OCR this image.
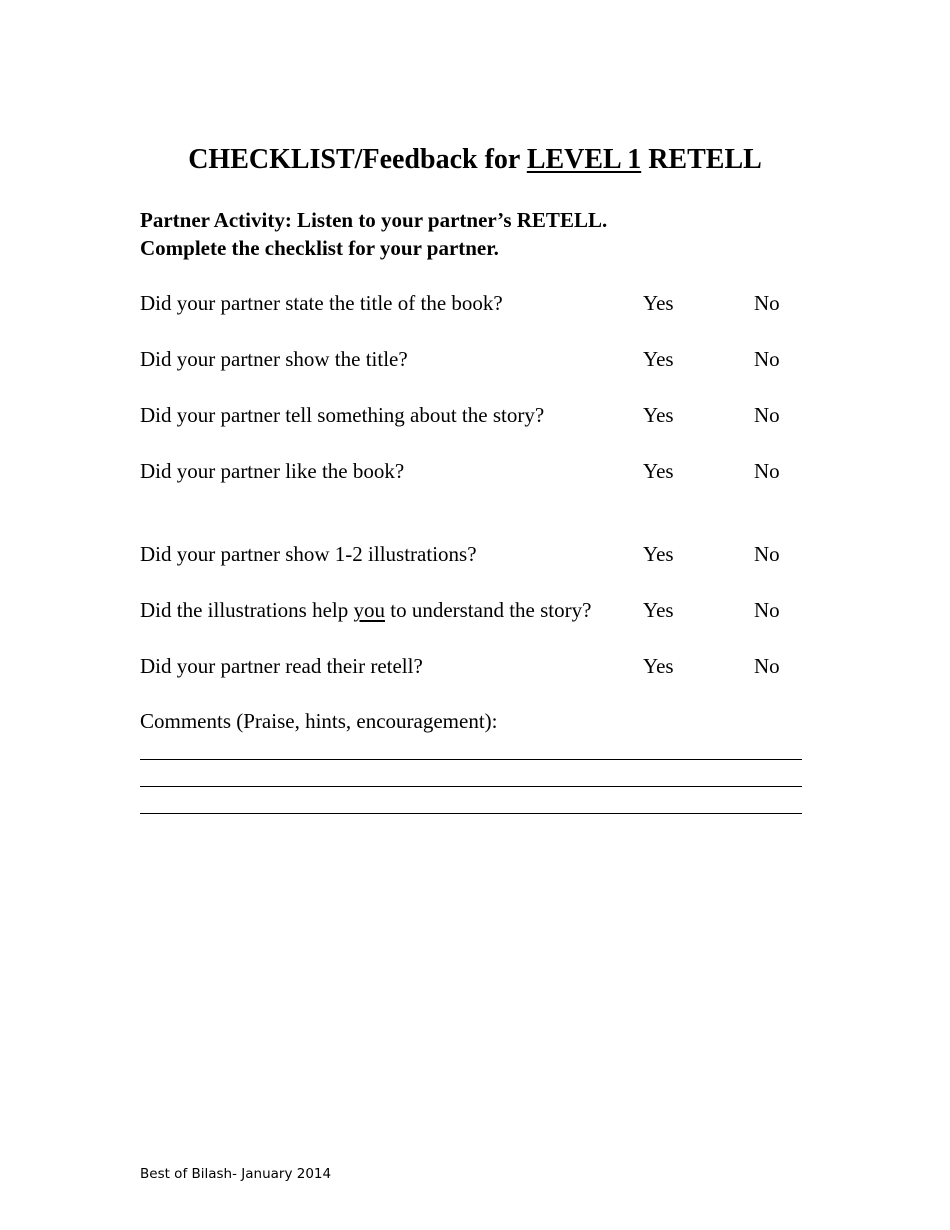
CHECKLIST/Feedback for LEVEL 1 RETELL
Partner Activity: Listen to your partner’s RETELL.
Complete the checklist for your partner.
Did your partner state the title of the book?	Yes	No
Did your partner show the title?	Yes	No
Did your partner tell something about the story?	Yes	No
Did your partner like the book?	Yes	No
Did your partner show 1-2 illustrations?	Yes	No
Did the illustrations help you to understand the story? Yes	No
Did your partner read their retell?	Yes	No
Comments (Praise, hints, encouragement):
Best of Bilash- January 2014
